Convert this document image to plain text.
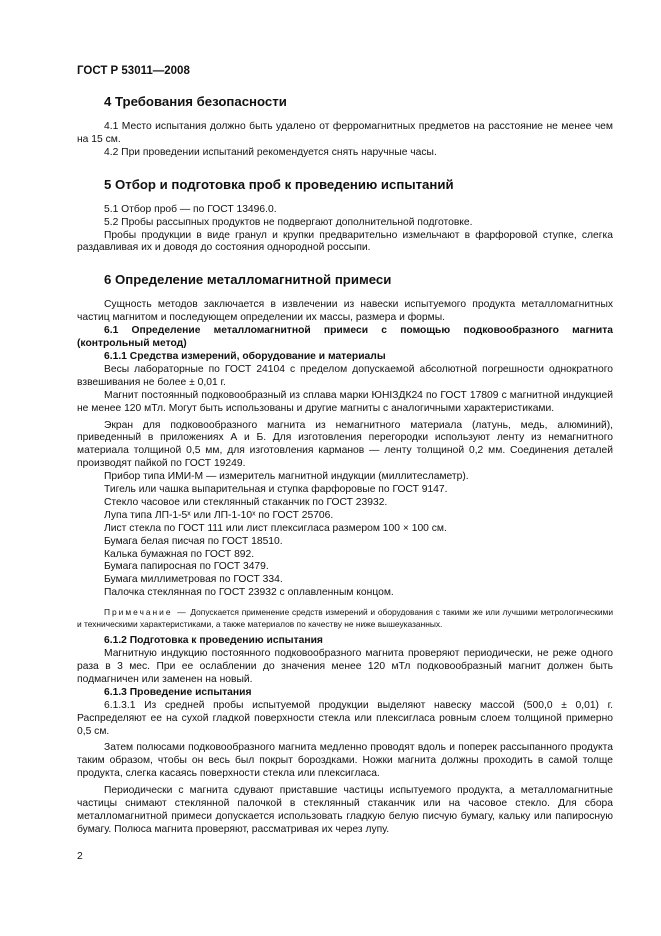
ГОСТ Р 53011—2008
4 Требования безопасности

4.1 Место испытания должно быть удалено от ферромагнитных предметов на расстояние не менее чем на 15 см.

4.2 При проведении испытаний рекомендуется снять наручные часы.

5 Отбор и подготовка проб к проведению испытаний

5.1 Отбор проб — по ГОСТ 13496.0.

5.2 Пробы рассыпных продуктов не подвергают дополнительной подготовке.

Пробы продукции в виде гранул и крупки предварительно измельчают в фарфоровой ступке, слегка раздавливая их и доводя до состояния однородной россыпи.

6 Определение металломагнитной примеси

Сущность методов заключается в извлечении из навески испытуемого продукта металломагнитных частиц магнитом и последующем определении их массы, размера и формы.

6.1 Определение металломагнитной примеси с помощью подковообразного магнита (контрольный метод)

6.1.1 Средства измерений, оборудование и материалы

Весы лабораторные по ГОСТ 24104 с пределом допускаемой абсолютной погрешности однократного взвешивания не более ± 0,01 г.

Магнит постоянный подковообразный из сплава марки ЮНІЗДК24 по ГОСТ 17809 с магнитной индукцией не менее 120 мТл. Могут быть использованы и другие магниты с аналогичными характеристиками.

Экран для подковообразного магнита из немагнитного материала (латунь, медь, алюминий), приведенный в приложениях А и Б. Для изготовления перегородки используют ленту из немагнитного материала толщиной 0,5 мм, для изготовления карманов — ленту толщиной 0,2 мм. Соединения деталей производят пайкой по ГОСТ 19249.

Прибор типа ИМИ-М — измеритель магнитной индукции (миллитесламетр).

Тигель или чашка выпарительная и ступка фарфоровые по ГОСТ 9147.

Стекло часовое или стеклянный стаканчик по ГОСТ 23932.

Лупа типа ЛП-1-5ˣ или ЛП-1-10ˣ по ГОСТ 25706.

Лист стекла по ГОСТ 111 или лист плексигласа размером 100 × 100 см.

Бумага белая писчая по ГОСТ 18510.

Калька бумажная по ГОСТ 892.

Бумага папиросная по ГОСТ 3479.

Бумага миллиметровая по ГОСТ 334.

Палочка стеклянная по ГОСТ 23932 с оплавленным концом.

Примечание — Допускается применение средств измерений и оборудования с такими же или лучшими метрологическими и техническими характеристиками, а также материалов по качеству не ниже вышеуказанных.

6.1.2 Подготовка к проведению испытания

Магнитную индукцию постоянного подковообразного магнита проверяют периодически, не реже одного раза в 3 мес. При ее ослаблении до значения менее 120 мТл подковообразный магнит должен быть подмагничен или заменен на новый.

6.1.3 Проведение испытания

6.1.3.1 Из средней пробы испытуемой продукции выделяют навеску массой (500,0 ± 0,01) г. Распределяют ее на сухой гладкой поверхности стекла или плексигласа ровным слоем толщиной примерно 0,5 см.

Затем полюсами подковообразного магнита медленно проводят вдоль и поперек рассыпанного продукта таким образом, чтобы он весь был покрыт бороздками. Ножки магнита должны проходить в самой толще продукта, слегка касаясь поверхности стекла или плексигласа.

Периодически с магнита сдувают приставшие частицы испытуемого продукта, а металломагнитные частицы снимают стеклянной палочкой в стеклянный стаканчик или на часовое стекло. Для сбора металломагнитной примеси допускается использовать гладкую белую писчую бумагу, кальку или папиросную бумагу. Полюса магнита проверяют, рассматривая их через лупу.

2
